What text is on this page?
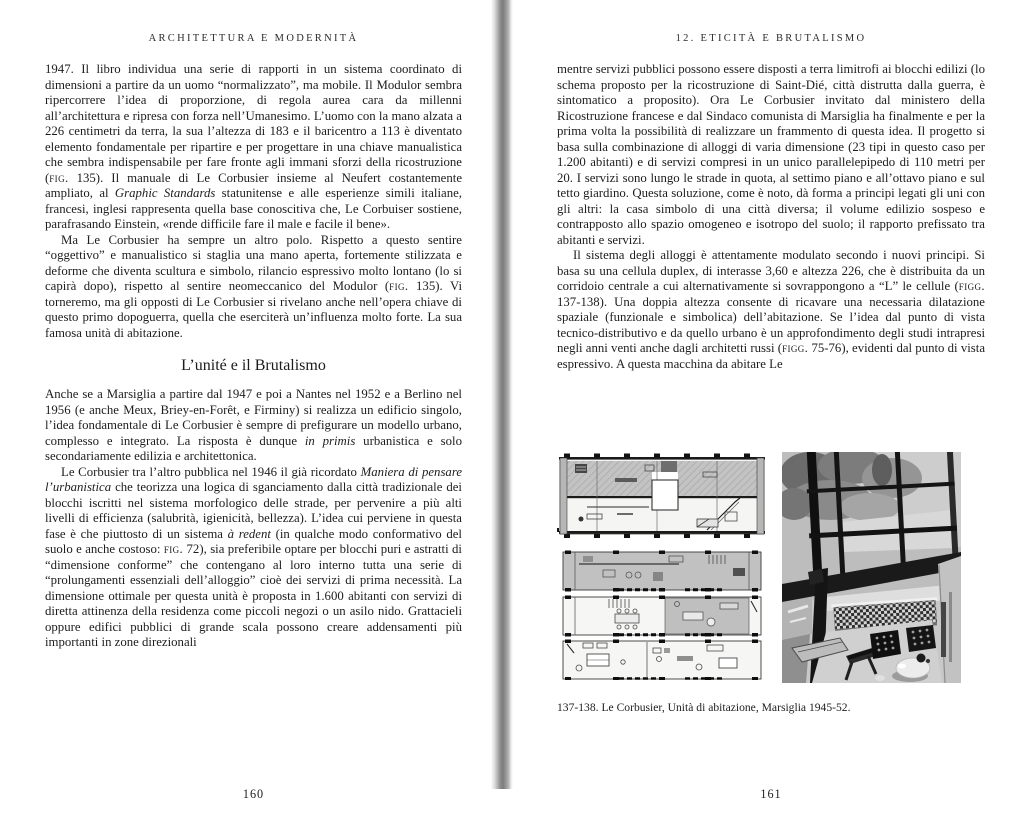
ARCHITETTURA E MODERNITÀ

1947. Il libro individua una serie di rapporti in un sistema coordinato di dimensioni a partire da un uomo “normalizzato”, ma mobile. Il Modulor sembra ripercorrere l’idea di proporzione, di regola aurea cara da millenni all’architettura e ripresa con forza nell’Umanesimo. L’uomo con la mano alzata a 226 centimetri da terra, la sua l’altezza di 183 e il baricentro a 113 è diventato elemento fondamentale per ripartire e per progettare in una chiave manualistica che sembra indispensabile per fare fronte agli immani sforzi della ricostruzione (fig. 135). Il manuale di Le Corbusier insieme al Neufert costantemente ampliato, al Graphic Standards statunitense e alle esperienze simili italiane, francesi, inglesi rappresenta quella base conoscitiva che, Le Corbuiser sostiene, parafrasando Einstein, «rende difficile fare il male e facile il bene».

Ma Le Corbusier ha sempre un altro polo. Rispetto a questo sentire “oggettivo” e manualistico si staglia una mano aperta, fortemente stilizzata e deforme che diventa scultura e simbolo, rilancio espressivo molto lontano (lo si capirà dopo), rispetto al sentire neomeccanico del Modulor (fig. 135). Vi torneremo, ma gli opposti di Le Corbusier si rivelano anche nell’opera chiave di questo primo dopoguerra, quella che eserciterà un’influenza molto forte. La sua famosa unità di abitazione.

L’unité e il Brutalismo

Anche se a Marsiglia a partire dal 1947 e poi a Nantes nel 1952 e a Berlino nel 1956 (e anche Meux, Briey-en-Forêt, e Firminy) si realizza un edificio singolo, l’idea fondamentale di Le Corbusier è sempre di prefigurare un modello urbano, complesso e integrato. La risposta è dunque in primis urbanistica e solo secondariamente edilizia e architettonica.

Le Corbusier tra l’altro pubblica nel 1946 il già ricordato Maniera di pensare l’urbanistica che teorizza una logica di sganciamento dalla città tradizionale dei blocchi iscritti nel sistema morfologico delle strade, per pervenire a più alti livelli di efficienza (salubrità, igienicità, bellezza). L’idea cui perviene in questa fase è che piuttosto di un sistema à redent (in qualche modo conformativo del suolo e anche costoso: fig. 72), sia preferibile optare per blocchi puri e astratti di “dimensione conforme” che contengano al loro interno tutta una serie di “prolungamenti essenziali dell’alloggio” cioè dei servizi di prima necessità. La dimensione ottimale per questa unità è proposta in 1.600 abitanti con servizi di diretta attinenza della residenza come piccoli negozi o un asilo nido. Grattacieli oppure edifici pubblici di grande scala possono creare addensamenti più importanti in zone direzionali

160
12. ETICITÀ E BRUTALISMO

mentre servizi pubblici possono essere disposti a terra limitrofi ai blocchi edilizi (lo schema proposto per la ricostruzione di Saint-Dié, città distrutta dalla guerra, è sintomatico a proposito). Ora Le Corbusier invitato dal ministero della Ricostruzione francese e dal Sindaco comunista di Marsiglia ha finalmente e per la prima volta la possibilità di realizzare un frammento di questa idea. Il progetto si basa sulla combinazione di alloggi di varia dimensione (23 tipi in questo caso per 1.200 abitanti) e di servizi compresi in un unico parallelepipedo di 110 metri per 20. I servizi sono lungo le strade in quota, al settimo piano e all’ottavo piano e sul tetto giardino. Questa soluzione, come è noto, dà forma a principi legati gli uni con gli altri: la casa simbolo di una città diversa; il volume edilizio sospeso e contrapposto allo spazio omogeneo e isotropo del suolo; il rapporto prefissato tra abitanti e servizi.

Il sistema degli alloggi è attentamente modulato secondo i nuovi principi. Si basa su una cellula duplex, di interasse 3,60 e altezza 226, che è distribuita da un corridoio centrale a cui alternativamente si sovrappongono a “L” le cellule (figg. 137-138). Una doppia altezza consente di ricavare una necessaria dilatazione spaziale (funzionale e simbolica) dell’abitazione. Se l’idea dal punto di vista tecnico-distributivo e da quello urbano è un approfondimento degli studi intrapresi negli anni venti anche dagli architetti russi (figg. 75-76), evidenti dal punto di vista espressivo. A questa macchina da abitare Le

137-138. Le Corbusier, Unità di abitazione, Marsiglia 1945-52.
161
